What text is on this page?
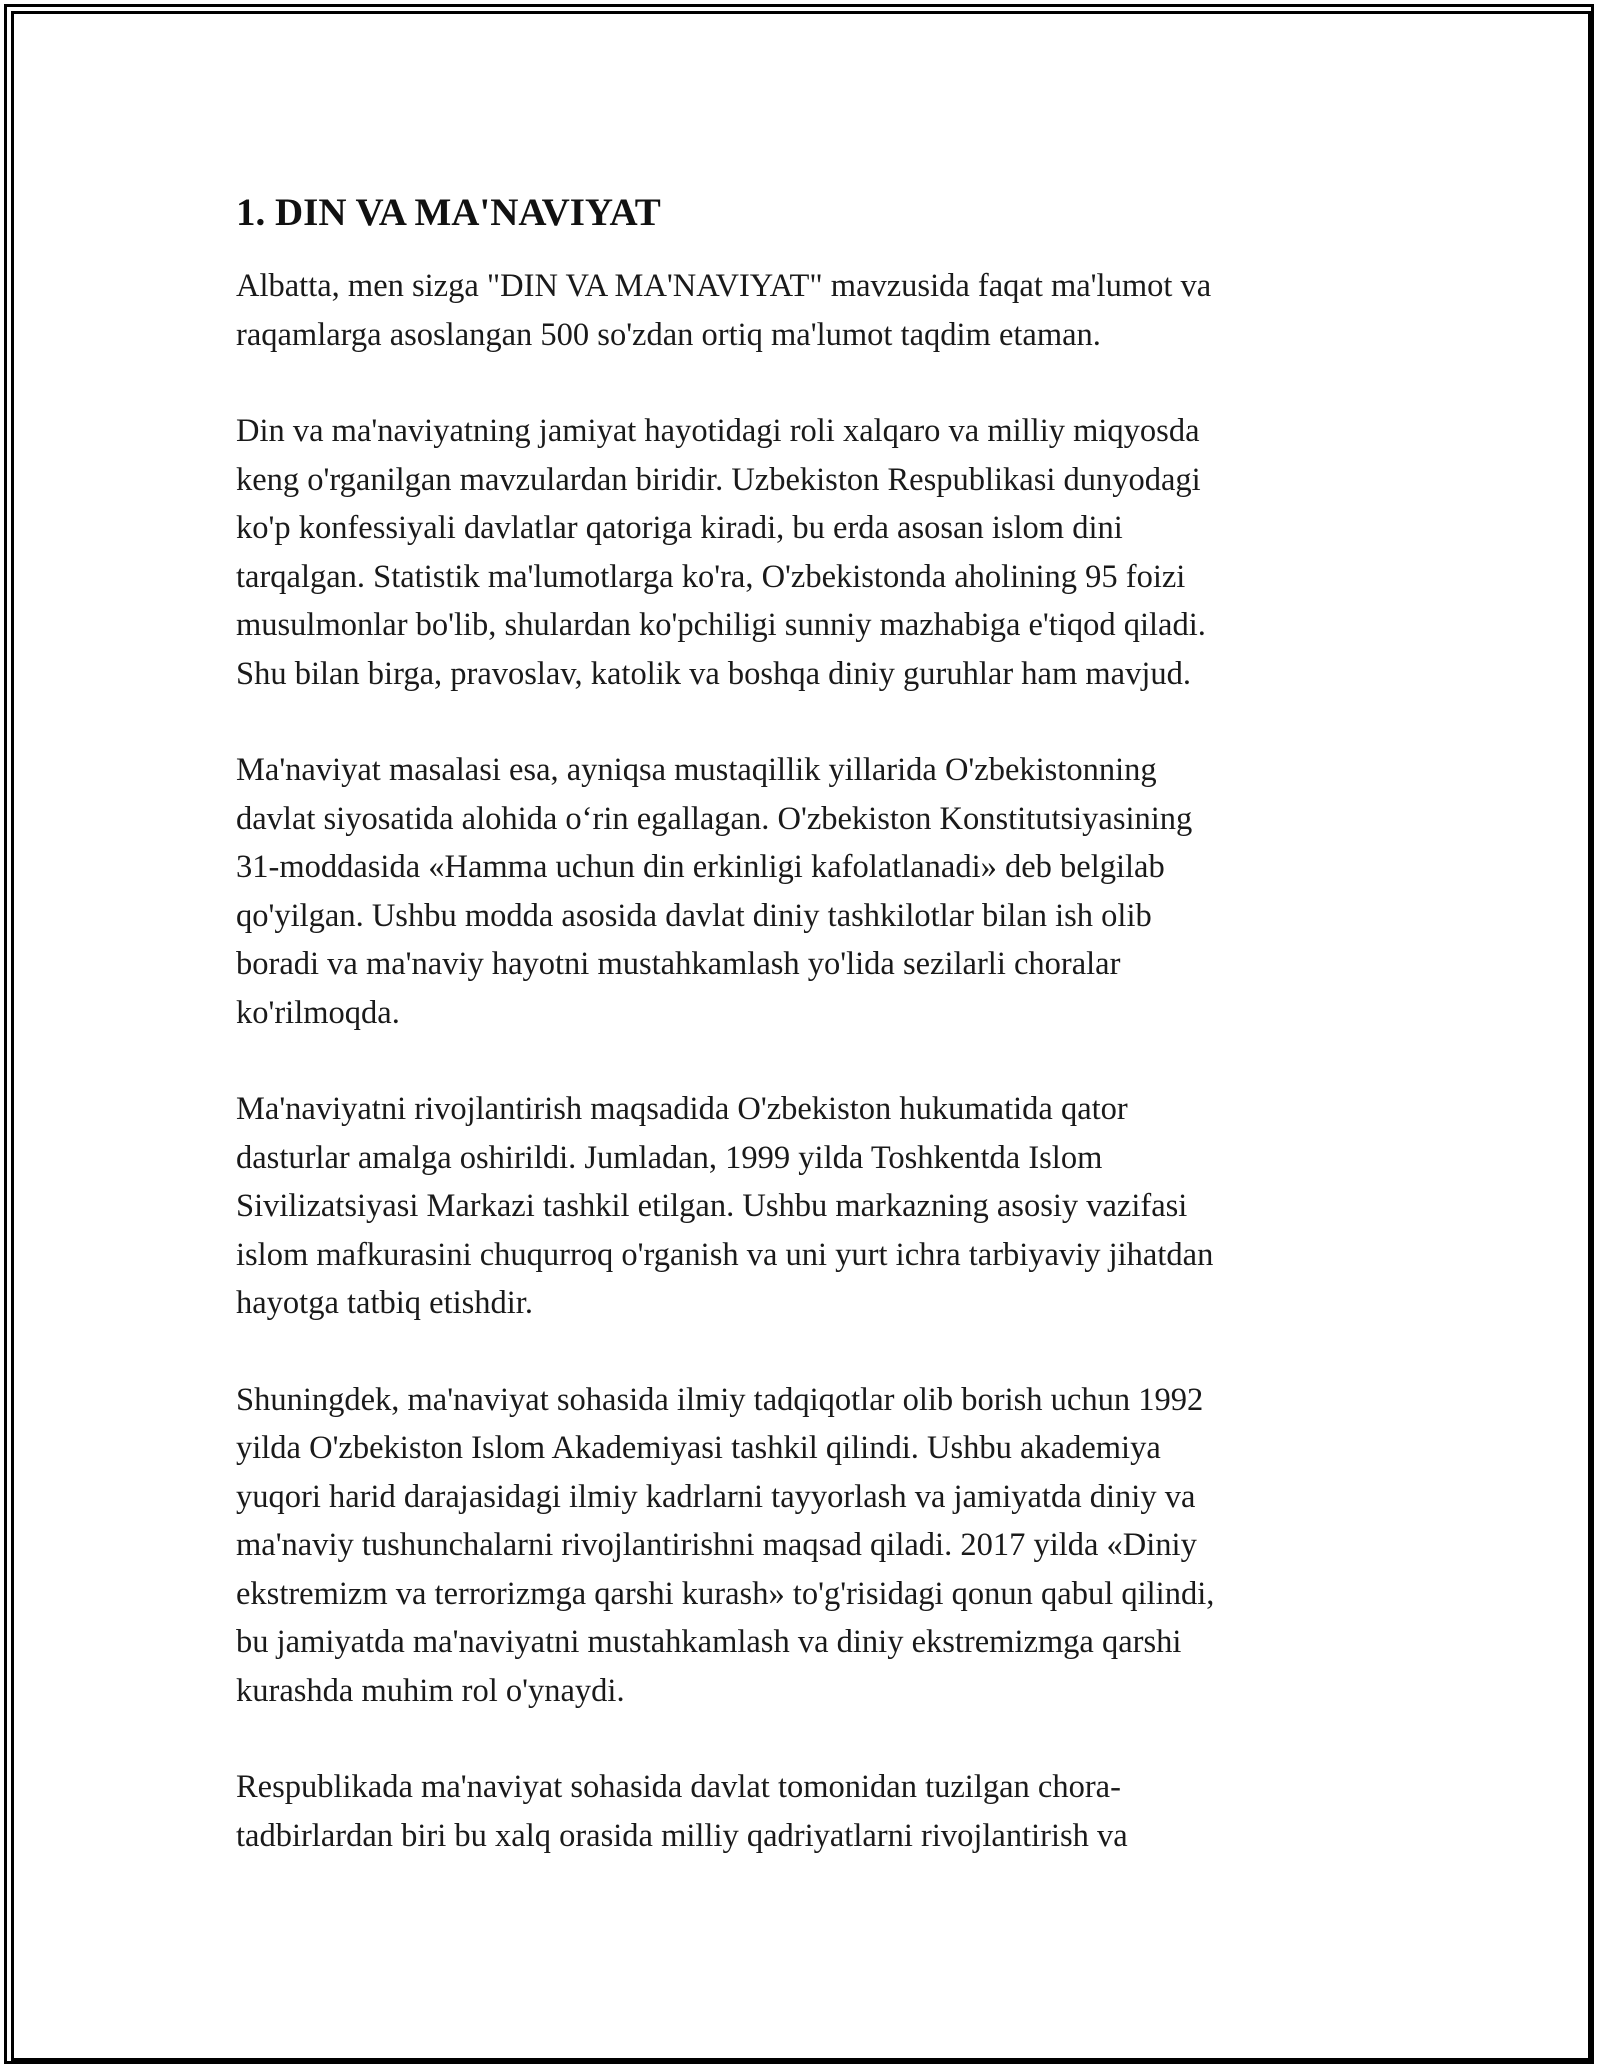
1. DIN VA MA'NAVIYAT

Albatta, men sizga "DIN VA MA'NAVIYAT" mavzusida faqat ma'lumot va
raqamlarga asoslangan 500 so'zdan ortiq ma'lumot taqdim etaman.

Din va ma'naviyatning jamiyat hayotidagi roli xalqaro va milliy miqyosda
keng o'rganilgan mavzulardan biridir. Uzbekiston Respublikasi dunyodagi
ko'p konfessiyali davlatlar qatoriga kiradi, bu erda asosan islom dini
tarqalgan. Statistik ma'lumotlarga ko'ra, O'zbekistonda aholining 95 foizi
musulmonlar bo'lib, shulardan ko'pchiligi sunniy mazhabiga e'tiqod qiladi.
Shu bilan birga, pravoslav, katolik va boshqa diniy guruhlar ham mavjud.

Ma'naviyat masalasi esa, ayniqsa mustaqillik yillarida O'zbekistonning
davlat siyosatida alohida o‘rin egallagan. O'zbekiston Konstitutsiyasining
31-moddasida «Hamma uchun din erkinligi kafolatlanadi» deb belgilab
qo'yilgan. Ushbu modda asosida davlat diniy tashkilotlar bilan ish olib
boradi va ma'naviy hayotni mustahkamlash yo'lida sezilarli choralar
ko'rilmoqda.

Ma'naviyatni rivojlantirish maqsadida O'zbekiston hukumatida qator
dasturlar amalga oshirildi. Jumladan, 1999 yilda Toshkentda Islom
Sivilizatsiyasi Markazi tashkil etilgan. Ushbu markazning asosiy vazifasi
islom mafkurasini chuqurroq o'rganish va uni yurt ichra tarbiyaviy jihatdan
hayotga tatbiq etishdir.

Shuningdek, ma'naviyat sohasida ilmiy tadqiqotlar olib borish uchun 1992
yilda O'zbekiston Islom Akademiyasi tashkil qilindi. Ushbu akademiya
yuqori harid darajasidagi ilmiy kadrlarni tayyorlash va jamiyatda diniy va
ma'naviy tushunchalarni rivojlantirishni maqsad qiladi. 2017 yilda «Diniy
ekstremizm va terrorizmga qarshi kurash» to'g'risidagi qonun qabul qilindi,
bu jamiyatda ma'naviyatni mustahkamlash va diniy ekstremizmga qarshi
kurashda muhim rol o'ynaydi.

Respublikada ma'naviyat sohasida davlat tomonidan tuzilgan chora-
tadbirlardan biri bu xalq orasida milliy qadriyatlarni rivojlantirish va
